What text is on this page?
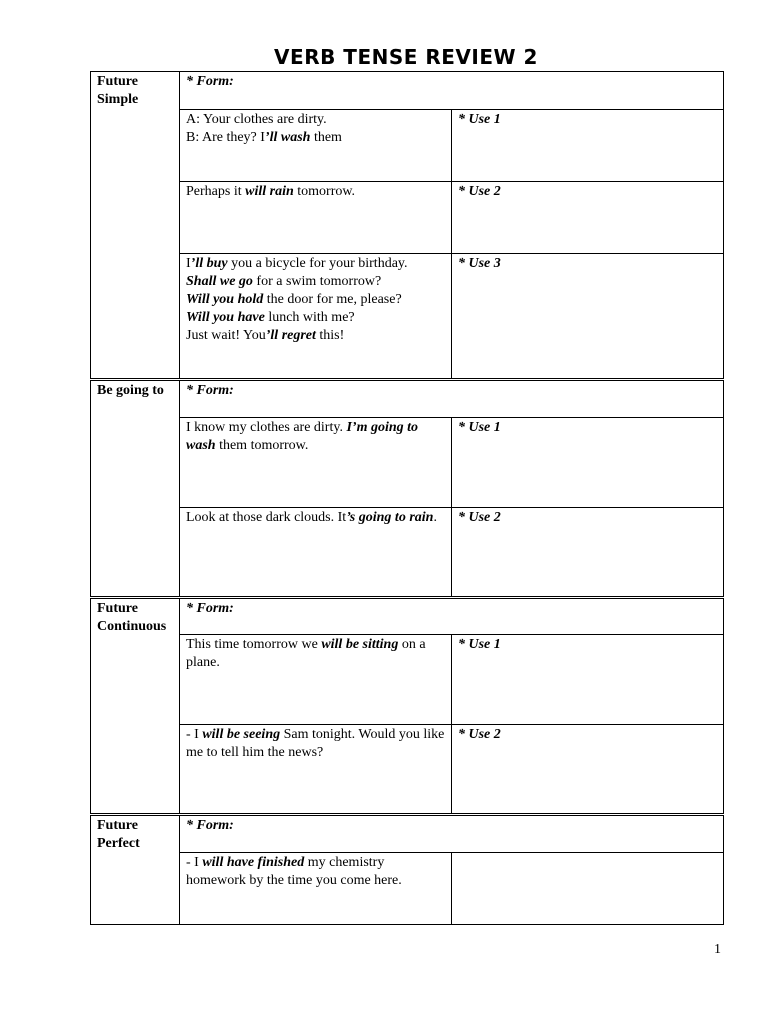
VERB TENSE REVIEW 2
Future Simple	* Form:	
	A: Your clothes are dirty.
B: Are they? I’ll wash them	* Use 1
	Perhaps it will rain tomorrow.	* Use 2
	I’ll buy you a bicycle for your birthday.
Shall we go for a swim tomorrow?
Will you hold the door for me, please?
Will you have lunch with me?
Just wait! You’ll regret this!	* Use 3
Be going to	* Form:	
	I know my clothes are dirty. I’m going to wash them tomorrow.	* Use 1
	Look at those dark clouds. It’s going to rain.	* Use 2
Future Continuous	* Form:	
	This time tomorrow we will be sitting on a plane.	* Use 1
	- I will be seeing Sam tonight. Would you like me to tell him the news?	* Use 2
Future Perfect	* Form:	
	- I will have finished my chemistry homework by the time you come here.	
1
